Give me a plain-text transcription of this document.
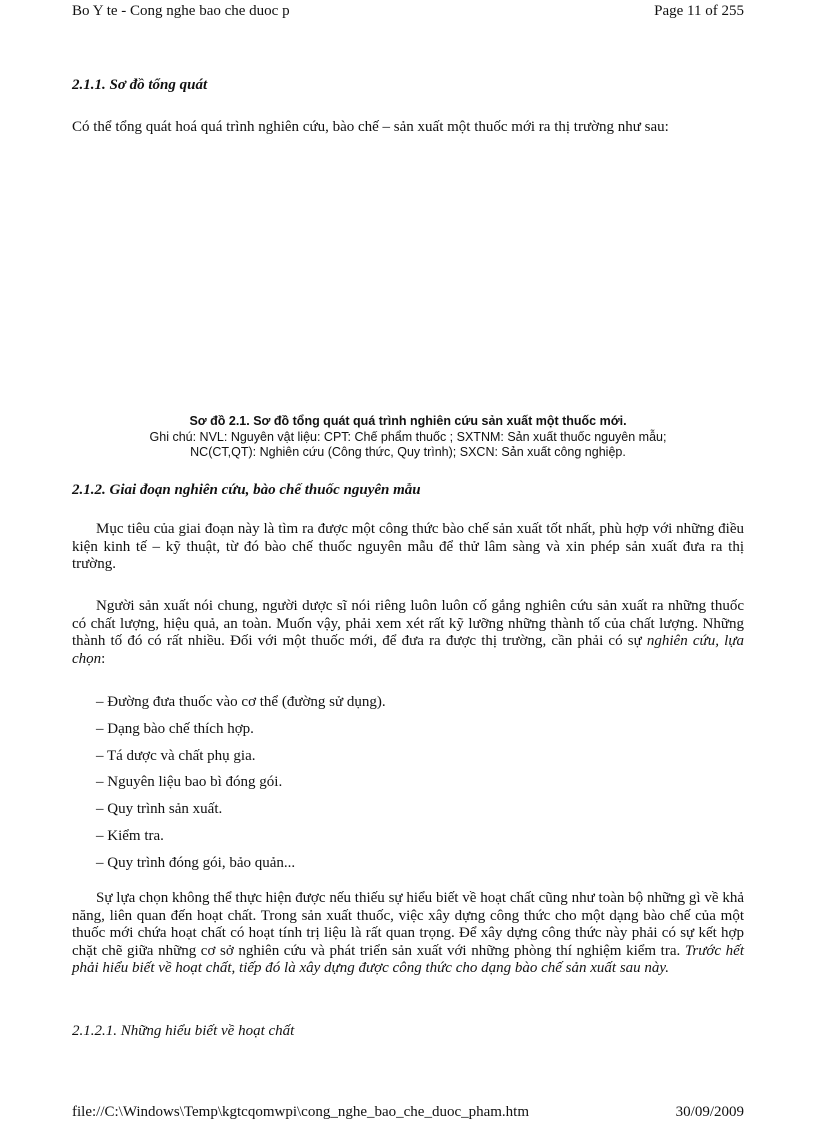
Bo Y te - Cong nghe bao che duoc p	Page 11 of 255
2.1.1. Sơ đồ tổng quát
Có thể tổng quát hoá quá trình nghiên cứu, bào chế – sản xuất một thuốc mới ra thị trường như sau:
Sơ đồ 2.1. Sơ đồ tổng quát quá trình nghiên cứu sản xuất một thuốc mới.
Ghi chú: NVL: Nguyên vật liệu: CPT: Chế phẩm thuốc ; SXTNM: Sản xuất thuốc nguyên mẫu;
NC(CT,QT): Nghiên cứu (Công thức, Quy trình); SXCN: Sản xuất công nghiệp.
2.1.2. Giai đoạn nghiên cứu, bào chế thuốc nguyên mẫu
Mục tiêu của giai đoạn này là tìm ra được một công thức bào chế sản xuất tốt nhất, phù hợp với những điều kiện kinh tế – kỹ thuật, từ đó bào chế thuốc nguyên mẫu để thử lâm sàng và xin phép sản xuất đưa ra thị trường.
Người sản xuất nói chung, người dược sĩ nói riêng luôn luôn cố gắng nghiên cứu sản xuất ra những thuốc có chất lượng, hiệu quả, an toàn. Muốn vậy, phải xem xét rất kỹ lưỡng những thành tố của chất lượng. Những thành tố đó có rất nhiều. Đối với một thuốc mới, để đưa ra được thị trường, cần phải có sự nghiên cứu, lựa chọn:
– Đường đưa thuốc vào cơ thể (đường sử dụng).
– Dạng bào chế thích hợp.
– Tá dược và chất phụ gia.
– Nguyên liệu bao bì đóng gói.
– Quy trình sản xuất.
– Kiểm tra.
– Quy trình đóng gói, bảo quản...
Sự lựa chọn không thể thực hiện được nếu thiếu sự hiểu biết về hoạt chất cũng như toàn bộ những gì về khả năng, liên quan đến hoạt chất. Trong sản xuất thuốc, việc xây dựng công thức cho một dạng bào chế của một thuốc mới chứa hoạt chất có hoạt tính trị liệu là rất quan trọng. Để xây dựng công thức này phải có sự kết hợp chặt chẽ giữa những cơ sở nghiên cứu và phát triển sản xuất với những phòng thí nghiệm kiểm tra. Trước hết phải hiểu biết về hoạt chất, tiếp đó là xây dựng được công thức cho dạng bào chế sản xuất sau này.
2.1.2.1. Những hiểu biết về hoạt chất
file://C:\Windows\Temp\kgtcqomwpi\cong_nghe_bao_che_duoc_pham.htm	30/09/2009
